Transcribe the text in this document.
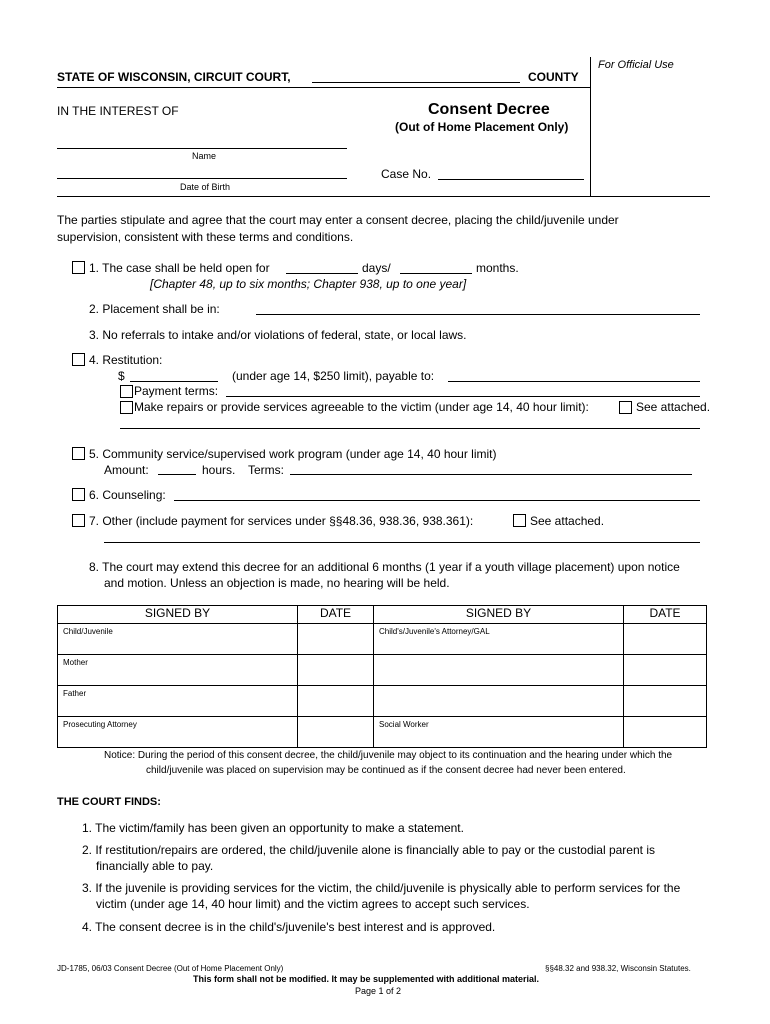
For Official Use
STATE OF WISCONSIN, CIRCUIT COURT,	COUNTY
IN THE INTEREST OF	Consent Decree
(Out of Home Placement Only)
Name
Date of Birth
Case No.
The parties stipulate and agree that the court may enter a consent decree, placing the child/juvenile under
supervision, consistent with these terms and conditions.
1. The case shall be held open for	days/	months.
[Chapter 48, up to six months; Chapter 938, up to one year]
2. Placement shall be in:
3. No referrals to intake and/or violations of federal, state, or local laws.
4. Restitution:
$	(under age 14, $250 limit), payable to:
Payment terms:
Make repairs or provide services agreeable to the victim (under age 14, 40 hour limit):	See attached.
5. Community service/supervised work program (under age 14, 40 hour limit)
Amount:	hours. Terms:
6. Counseling:
7. Other (include payment for services under §§48.36, 938.36, 938.361):	See attached.
8. The court may extend this decree for an additional 6 months (1 year if a youth village placement) upon notice
and motion. Unless an objection is made, no hearing will be held.
SIGNED BY	DATE	SIGNED BY	DATE
Child/Juvenile		Child's/Juvenile's Attorney/GAL	
Mother			
Father			
Prosecuting Attorney		Social Worker	
Notice: During the period of this consent decree, the child/juvenile may object to its continuation and the hearing under which the
child/juvenile was placed on supervision may be continued as if the consent decree had never been entered.
THE COURT FINDS:
1. The victim/family has been given an opportunity to make a statement.
2. If restitution/repairs are ordered, the child/juvenile alone is financially able to pay or the custodial parent is
financially able to pay.
3. If the juvenile is providing services for the victim, the child/juvenile is physically able to perform services for the
victim (under age 14, 40 hour limit) and the victim agrees to accept such services.
4. The consent decree is in the child's/juvenile's best interest and is approved.
JD-1785, 06/03 Consent Decree (Out of Home Placement Only)	§§48.32 and 938.32, Wisconsin Statutes.
This form shall not be modified. It may be supplemented with additional material.
Page 1 of 2
